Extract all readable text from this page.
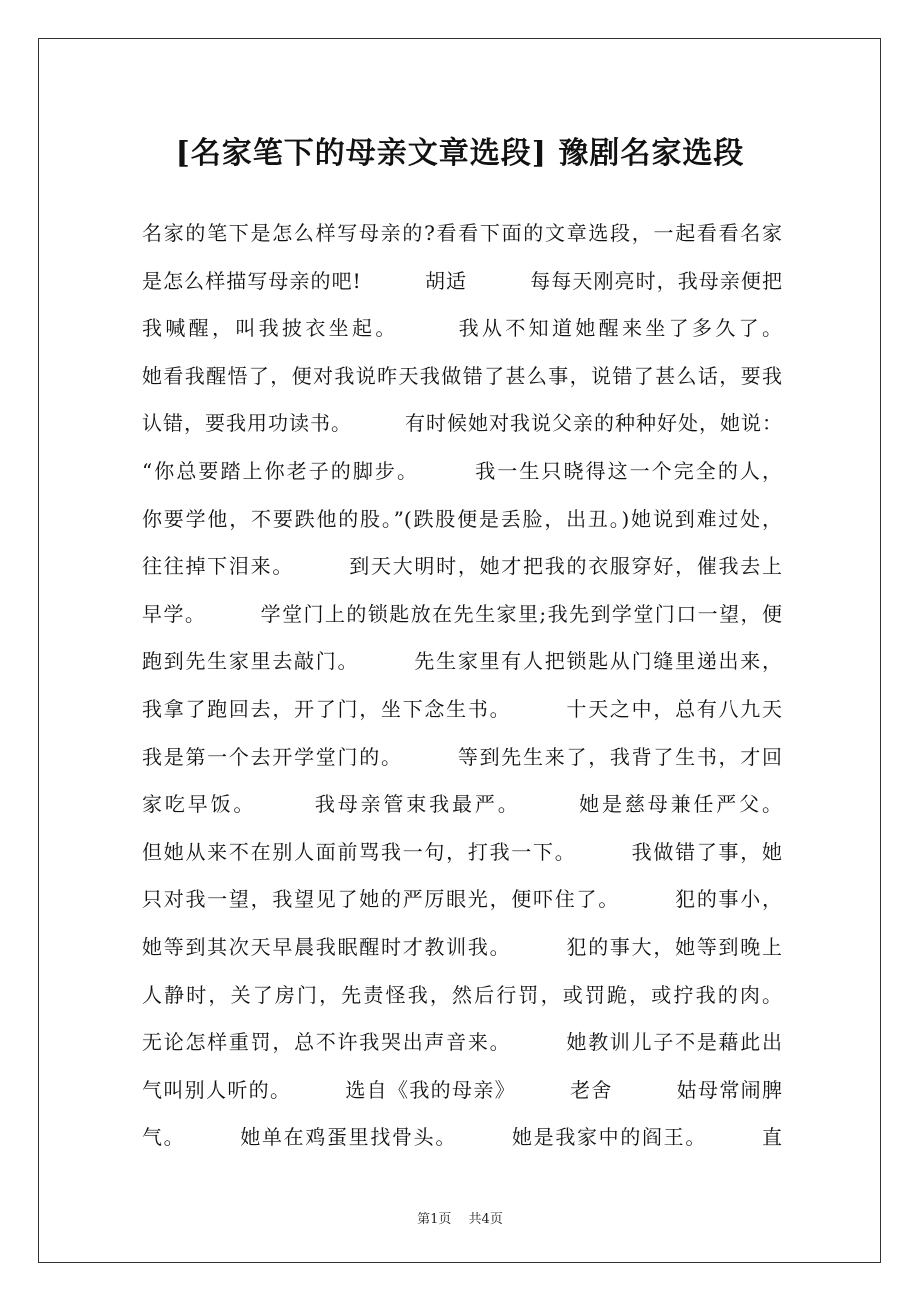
[名家笔下的母亲文章选段] 豫剧名家选段
名家的笔下是怎么样写母亲的?看看下面的文章选段，一起看看名家
是怎么样描写母亲的吧!　　　胡适　　　每每天刚亮时，我母亲便把
我喊醒，叫我披衣坐起。　　　我从不知道她醒来坐了多久了。
她看我醒悟了，便对我说昨天我做错了甚么事，说错了甚么话，要我
认错，要我用功读书。　　　有时候她对我说父亲的种种好处，她说：
“你总要踏上你老子的脚步。　　　我一生只晓得这一个完全的人，
你要学他，不要跌他的股。”(跌股便是丢脸，出丑。)她说到难过处，
往往掉下泪来。　　　到天大明时，她才把我的衣服穿好，催我去上
早学。　　　学堂门上的锁匙放在先生家里;我先到学堂门口一望，便
跑到先生家里去敲门。　　　先生家里有人把锁匙从门缝里递出来，
我拿了跑回去，开了门，坐下念生书。　　　十天之中，总有八九天
我是第一个去开学堂门的。　　　等到先生来了，我背了生书，才回
家吃早饭。　　　我母亲管束我最严。　　　她是慈母兼任严父。
但她从来不在别人面前骂我一句，打我一下。　　　我做错了事，她
只对我一望，我望见了她的严厉眼光，便吓住了。　　　犯的事小，
她等到其次天早晨我眠醒时才教训我。　　　犯的事大，她等到晚上
人静时，关了房门，先责怪我，然后行罚，或罚跪，或拧我的肉。
无论怎样重罚，总不许我哭出声音来。　　　她教训儿子不是藉此出
气叫别人听的。　　　选自《我的母亲》　　　老舍　　　姑母常闹脾
气。　　　她单在鸡蛋里找骨头。　　　她是我家中的阎王。　　　直
第1页　 共4页
